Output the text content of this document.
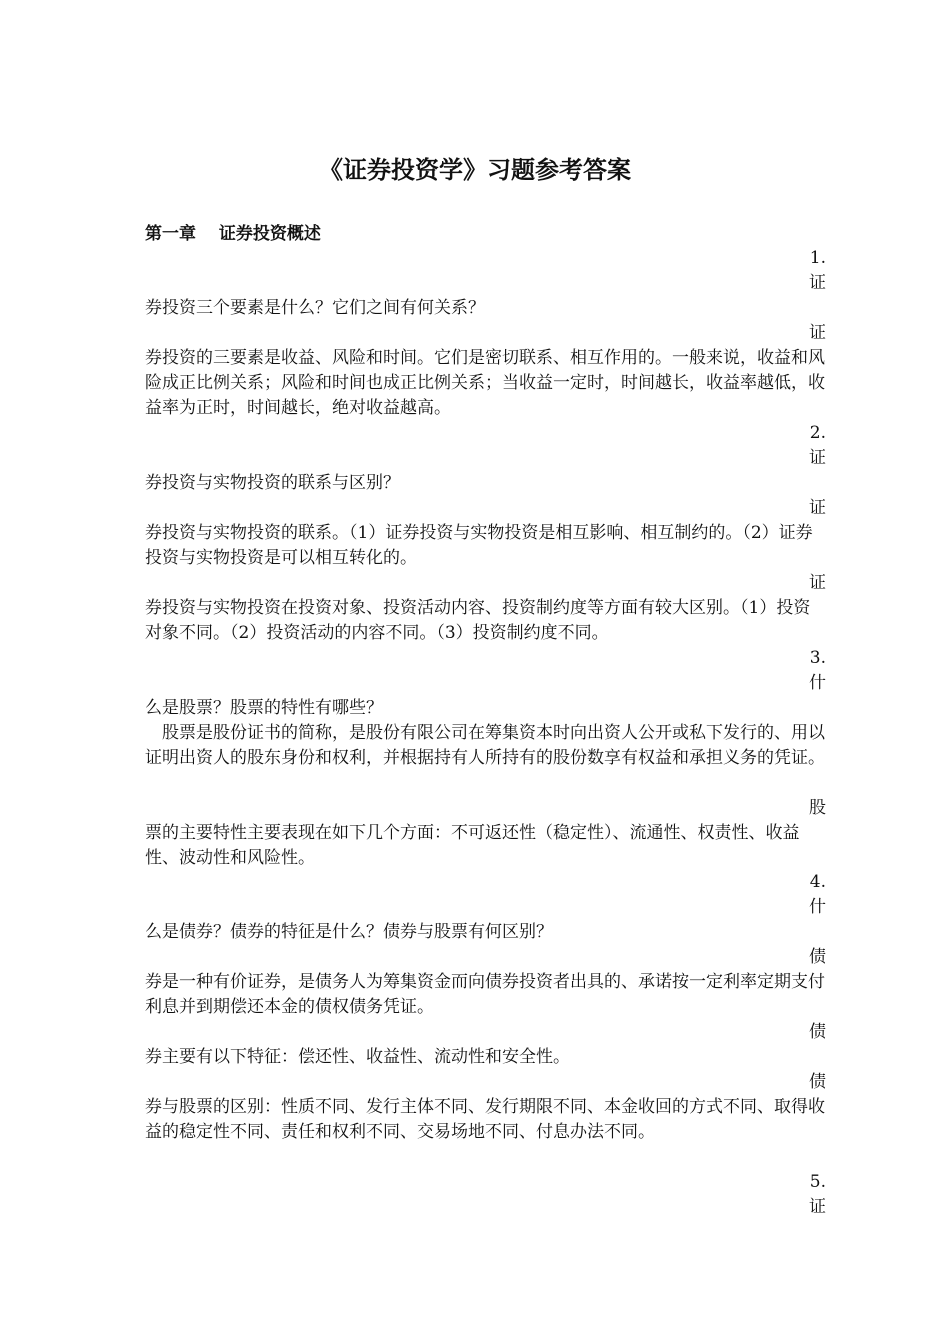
《证券投资学》习题参考答案
第一章　 证券投资概述
1.
证
券投资三个要素是什么？它们之间有何关系？
证
券投资的三要素是收益、风险和时间。它们是密切联系、相互作用的。一般来说，收益和风险成正比例关系；风险和时间也成正比例关系；当收益一定时，时间越长，收益率越低，收益率为正时，时间越长，绝对收益越高。
2.
证
券投资与实物投资的联系与区别？
证
券投资与实物投资的联系。（1）证券投资与实物投资是相互影响、相互制约的。（2）证券投资与实物投资是可以相互转化的。
证
券投资与实物投资在投资对象、投资活动内容、投资制约度等方面有较大区别。（1）投资对象不同。（2）投资活动的内容不同。（3）投资制约度不同。
3.
什
么是股票？股票的特性有哪些？
　股票是股份证书的简称，是股份有限公司在筹集资本时向出资人公开或私下发行的、用以证明出资人的股东身份和权利，并根据持有人所持有的股份数享有权益和承担义务的凭证。
股
票的主要特性主要表现在如下几个方面：不可返还性（稳定性）、流通性、权责性、收益性、波动性和风险性。
4.
什
么是债券？债券的特征是什么？债券与股票有何区别？
债
券是一种有价证券，是债务人为筹集资金而向债券投资者出具的、承诺按一定利率定期支付利息并到期偿还本金的债权债务凭证。
债
券主要有以下特征：偿还性、收益性、流动性和安全性。
债
券与股票的区别：性质不同、发行主体不同、发行期限不同、本金收回的方式不同、取得收益的稳定性不同、责任和权利不同、交易场地不同、付息办法不同。
5.
证
